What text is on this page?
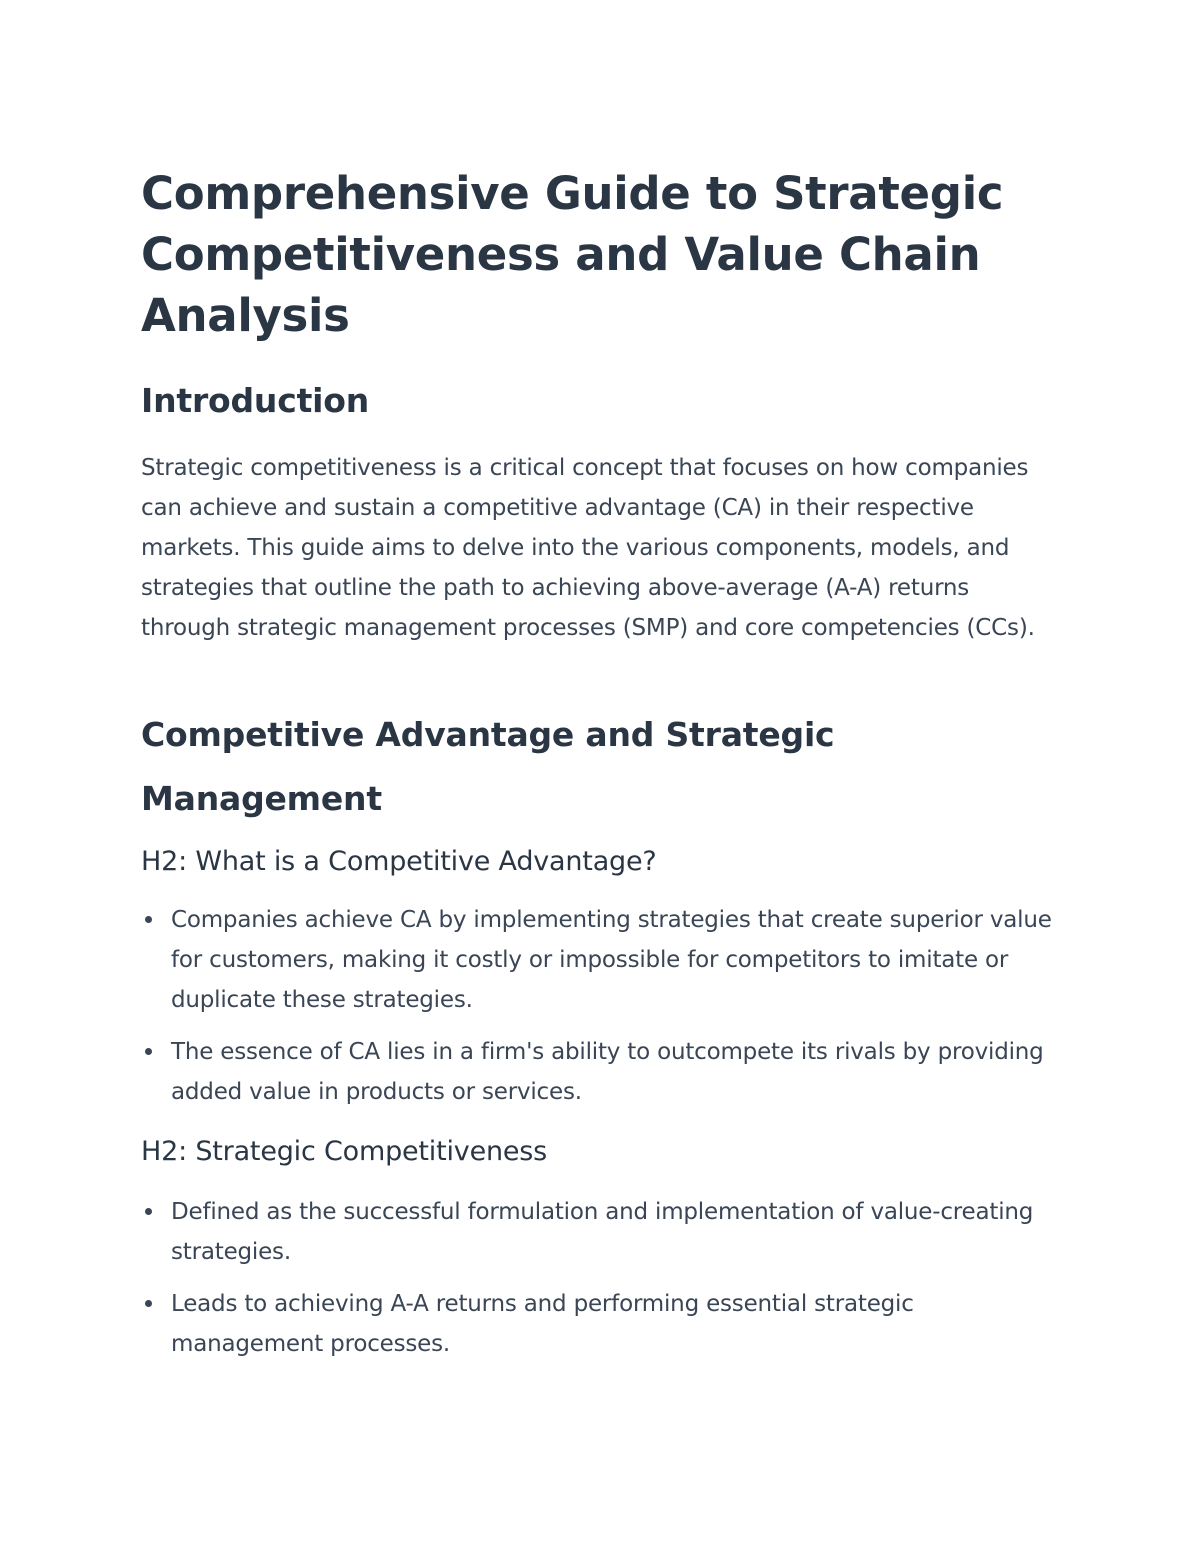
Comprehensive Guide to Strategic Competitiveness and Value Chain Analysis
Introduction

Strategic competitiveness is a critical concept that focuses on how companies can achieve and sustain a competitive advantage (CA) in their respective markets. This guide aims to delve into the various components, models, and strategies that outline the path to achieving above-average (A-A) returns through strategic management processes (SMP) and core competencies (CCs).

Competitive Advantage and Strategic Management
H2: What is a Competitive Advantage?
Companies achieve CA by implementing strategies that create superior value for customers, making it costly or impossible for competitors to imitate or duplicate these strategies.
The essence of CA lies in a firm's ability to outcompete its rivals by providing added value in products or services.
H2: Strategic Competitiveness
Defined as the successful formulation and implementation of value-creating strategies.
Leads to achieving A-A returns and performing essential strategic management processes.
